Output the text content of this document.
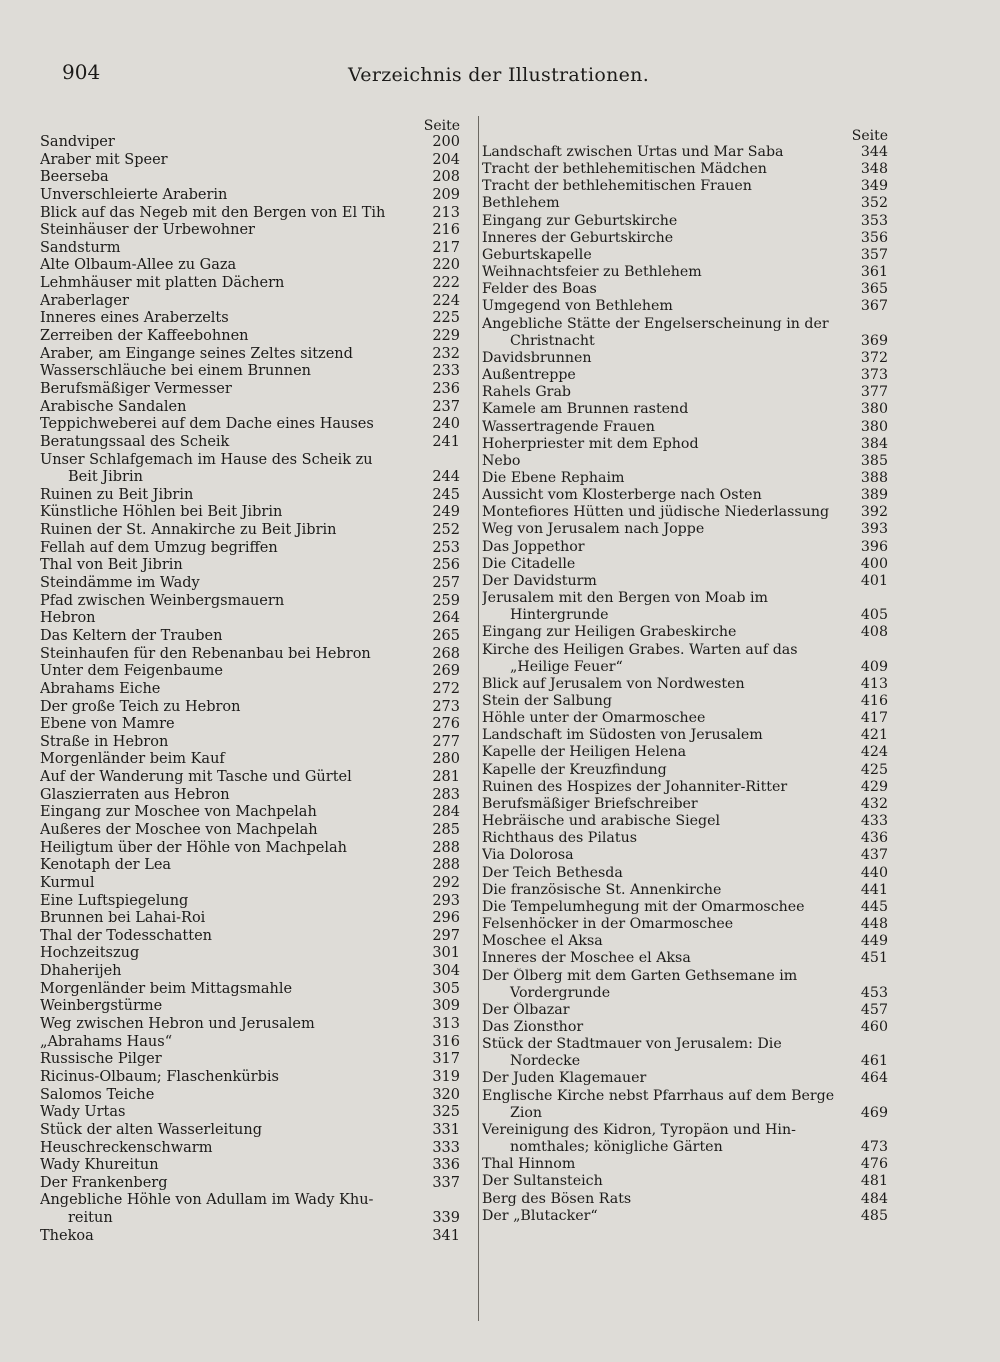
904	Verzeichnis der Illustrationen.
Seite
Sandviper	200
Araber mit Speer	204
Beerseba	208
Unverschleierte Araberin	209
Blick auf das Negeb mit den Bergen von El Tih	213
Steinhäuser der Urbewohner	216
Sandsturm	217
Alte Ölbaum-Allee zu Gaza	220
Lehmhäuser mit platten Dächern	222
Araberlager	224
Inneres eines Araberzelts	225
Zerreiben der Kaffeebohnen	229
Araber, am Eingange seines Zeltes sitzend	232
Wasserschläuche bei einem Brunnen	233
Berufsmäßiger Vermesser	236
Arabische Sandalen	237
Teppichweberei auf dem Dache eines Hauses	240
Beratungssaal des Scheik	241
Unser Schlafgemach im Hause des Scheik zu
Beit Jibrin	244
Ruinen zu Beit Jibrin	245
Künstliche Höhlen bei Beit Jibrin	249
Ruinen der St. Annakirche zu Beit Jibrin	252
Fellah auf dem Umzug begriffen	253
Thal von Beit Jibrin	256
Steindämme im Wady	257
Pfad zwischen Weinbergsmauern	259
Hebron	264
Das Keltern der Trauben	265
Steinhaufen für den Rebenanbau bei Hebron	268
Unter dem Feigenbaume	269
Abrahams Eiche	272
Der große Teich zu Hebron	273
Ebene von Mamre	276
Straße in Hebron	277
Morgenländer beim Kauf	280
Auf der Wanderung mit Tasche und Gürtel	281
Glaszierraten aus Hebron	283
Eingang zur Moschee von Machpelah	284
Äußeres der Moschee von Machpelah	285
Heiligtum über der Höhle von Machpelah	288
Kenotaph der Lea	288
Kurmul	292
Eine Luftspiegelung	293
Brunnen bei Lahai-Roi	296
Thal der Todesschatten	297
Hochzeitszug	301
Dhaherijeh	304
Morgenländer beim Mittagsmahle	305
Weinbergstürme	309
Weg zwischen Hebron und Jerusalem	313
„Abrahams Haus“	316
Russische Pilger	317
Ricinus-Ölbaum; Flaschenkürbis	319
Salomos Teiche	320
Wady Urtas	325
Stück der alten Wasserleitung	331
Heuschreckenschwarm	333
Wady Khureitun	336
Der Frankenberg	337
Angebliche Höhle von Adullam im Wady Khu-
reitun	339
Thekoa	341
Seite
Landschaft zwischen Urtas und Mar Saba	344
Tracht der bethlehemitischen Mädchen	348
Tracht der bethlehemitischen Frauen	349
Bethlehem	352
Eingang zur Geburtskirche	353
Inneres der Geburtskirche	356
Geburtskapelle	357
Weihnachtsfeier zu Bethlehem	361
Felder des Boas	365
Umgegend von Bethlehem	367
Angebliche Stätte der Engelserscheinung in der
Christnacht	369
Davidsbrunnen	372
Außentreppe	373
Rahels Grab	377
Kamele am Brunnen rastend	380
Wassertragende Frauen	380
Hoherpriester mit dem Ephod	384
Nebo	385
Die Ebene Rephaim	388
Aussicht vom Klosterberge nach Osten	389
Montefiores Hütten und jüdische Niederlassung	392
Weg von Jerusalem nach Joppe	393
Das Joppethor	396
Die Citadelle	400
Der Davidsturm	401
Jerusalem mit den Bergen von Moab im
Hintergrunde	405
Eingang zur Heiligen Grabeskirche	408
Kirche des Heiligen Grabes. Warten auf das
„Heilige Feuer“	409
Blick auf Jerusalem von Nordwesten	413
Stein der Salbung	416
Höhle unter der Omarmoschee	417
Landschaft im Südosten von Jerusalem	421
Kapelle der Heiligen Helena	424
Kapelle der Kreuzfindung	425
Ruinen des Hospizes der Johanniter-Ritter	429
Berufsmäßiger Briefschreiber	432
Hebräische und arabische Siegel	433
Richthaus des Pilatus	436
Via Dolorosa	437
Der Teich Bethesda	440
Die französische St. Annenkirche	441
Die Tempelumhegung mit der Omarmoschee	445
Felsenhöcker in der Omarmoschee	448
Moschee el Aksa	449
Inneres der Moschee el Aksa	451
Der Ölberg mit dem Garten Gethsemane im
Vordergrunde	453
Der Ölbazar	457
Das Zionsthor	460
Stück der Stadtmauer von Jerusalem: Die
Nordecke	461
Der Juden Klagemauer	464
Englische Kirche nebst Pfarrhaus auf dem Berge
Zion	469
Vereinigung des Kidron, Tyropäon und Hin-
nomthales; königliche Gärten	473
Thal Hinnom	476
Der Sultansteich	481
Berg des Bösen Rats	484
Der „Blutacker“	485
